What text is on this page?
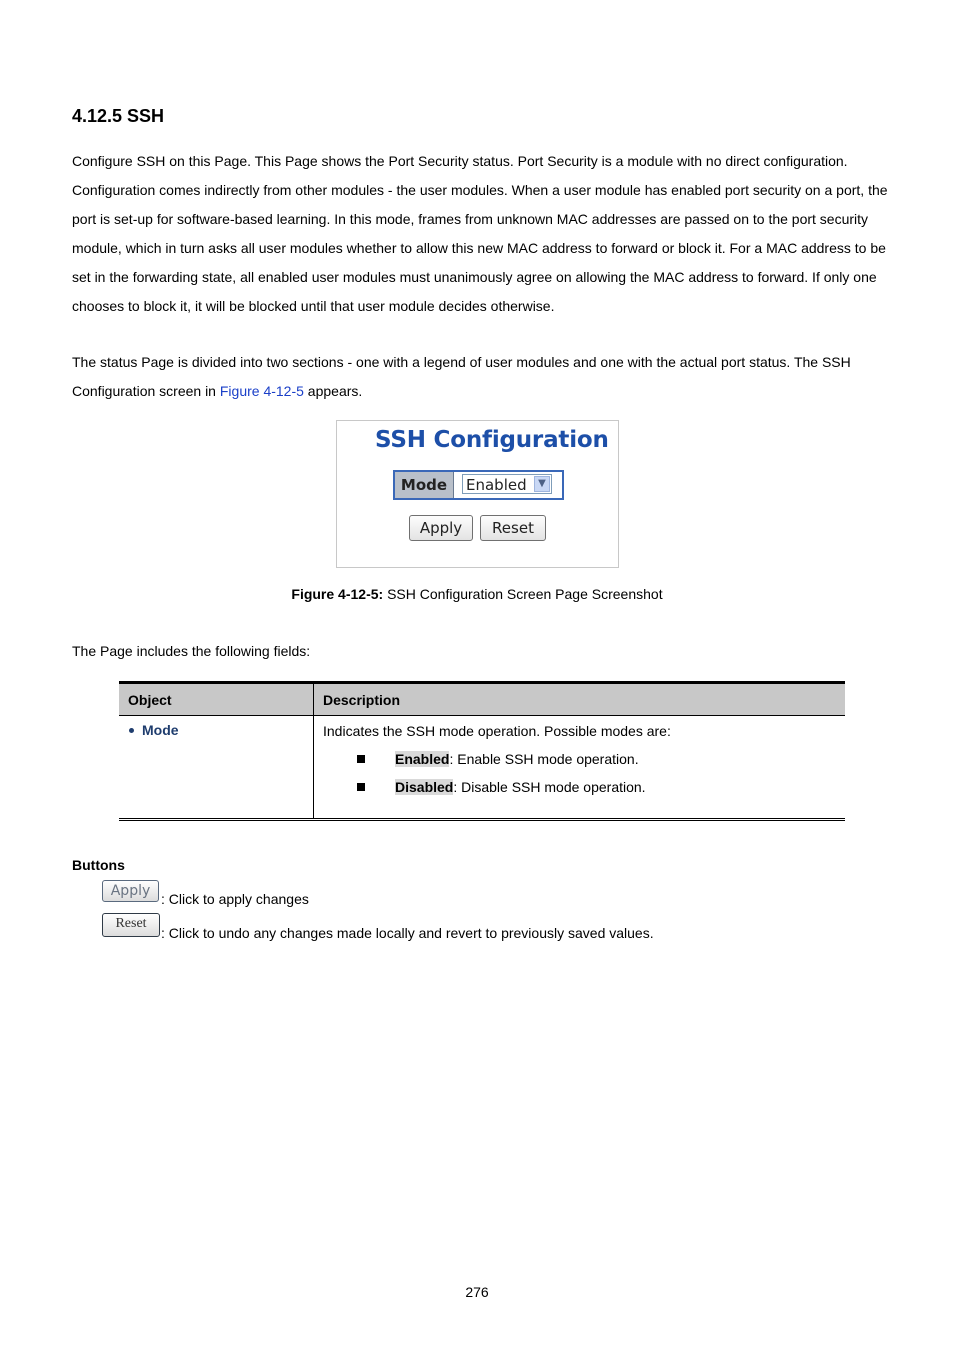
4.12.5 SSH

Configure SSH on this Page. This Page shows the Port Security status. Port Security is a module with no direct configuration. Configuration comes indirectly from other modules - the user modules. When a user module has enabled port security on a port, the port is set-up for software-based learning. In this mode, frames from unknown MAC addresses are passed on to the port security module, which in turn asks all user modules whether to allow this new MAC address to forward or block it. For a MAC address to be set in the forwarding state, all enabled user modules must unanimously agree on allowing the MAC address to forward. If only one chooses to block it, it will be blocked until that user module decides otherwise.

The status Page is divided into two sections - one with a legend of user modules and one with the actual port status. The SSH Configuration screen in Figure 4-12-5 appears.

SSH Configuration
Mode	Enabled	▼
Apply	Reset
Figure 4-12-5: SSH Configuration Screen Page Screenshot

The Page includes the following fields:

Object	Description
Mode	Indicates the SSH mode operation. Possible modes are:
Enabled: Enable SSH mode operation.
Disabled: Disable SSH mode operation.
Buttons
Apply : Click to apply changes
Reset
: Click to undo any changes made locally and revert to previously saved values.
276
